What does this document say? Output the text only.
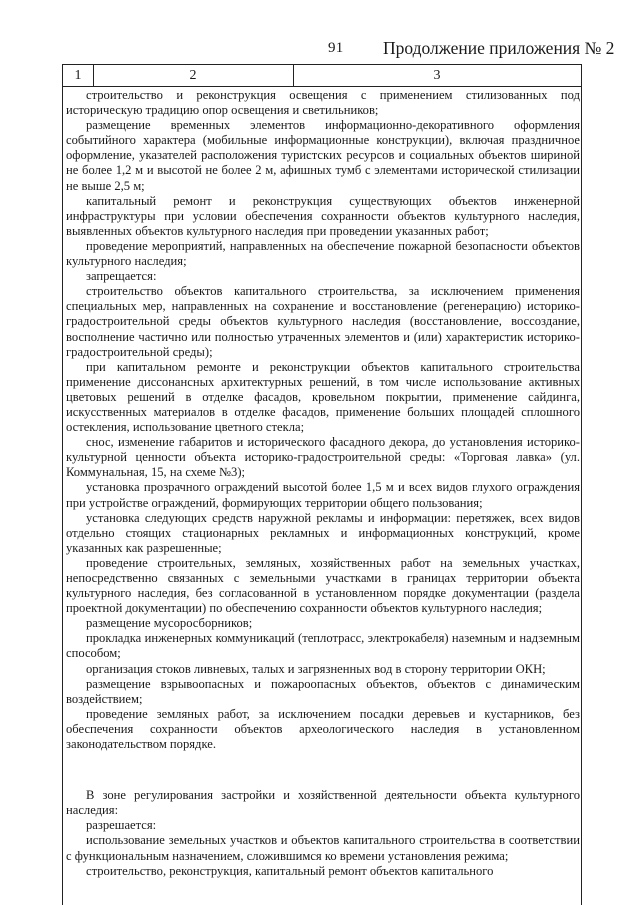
91 Продолжение приложения № 2
1	2	3

строительство и реконструкция освещения с применением стилизованных под историческую традицию опор освещения и светильников;

размещение временных элементов информационно-декоративного оформления событийного характера (мобильные информационные конструкции), включая праздничное оформление, указателей расположения туристских ресурсов и социальных объектов шириной не более 1,2 м и высотой не более 2 м, афишных тумб с элементами исторической стилизации не выше 2,5 м;

капитальный ремонт и реконструкция существующих объектов инженерной инфраструктуры при условии обеспечения сохранности объектов культурного наследия, выявленных объектов культурного наследия при проведении указанных работ;

проведение мероприятий, направленных на обеспечение пожарной безопасности объектов культурного наследия;

запрещается:

строительство объектов капитального строительства, за исключением применения специальных мер, направленных на сохранение и восстановление (регенерацию) историко-градостроительной среды объектов культурного наследия (восстановление, воссоздание, восполнение частично или полностью утраченных элементов и (или) характеристик историко-градостроительной среды);

при капитальном ремонте и реконструкции объектов капитального строительства применение диссонансных архитектурных решений, в том числе использование активных цветовых решений в отделке фасадов, кровельном покрытии, применение сайдинга, искусственных материалов в отделке фасадов, применение больших площадей сплошного остекления, использование цветного стекла;

снос, изменение габаритов и исторического фасадного декора, до установления историко-культурной ценности объекта историко-градостроительной среды: «Торговая лавка» (ул. Коммунальная, 15, на схеме №3);

установка прозрачного ограждений высотой более 1,5 м и всех видов глухого ограждения при устройстве ограждений, формирующих территории общего пользования;

установка следующих средств наружной рекламы и информации: перетяжек, всех видов отдельно стоящих стационарных рекламных и информационных конструкций, кроме указанных как разрешенные;

проведение строительных, земляных, хозяйственных работ на земельных участках, непосредственно связанных с земельными участками в границах территории объекта культурного наследия, без согласованной в установленном порядке документации (раздела проектной документации) по обеспечению сохранности объектов культурного наследия;

размещение мусоросборников;

прокладка инженерных коммуникаций (теплотрасс, электрокабеля) наземным и надземным способом;

организация стоков ливневых, талых и загрязненных вод в сторону территории ОКН;

размещение взрывоопасных и пожароопасных объектов, объектов с динамическим воздействием;

проведение земляных работ, за исключением посадки деревьев и кустарников, без обеспечения сохранности объектов археологического наследия в установленном законодательством порядке.

В зоне регулирования застройки и хозяйственной деятельности объекта культурного наследия:

разрешается:

использование земельных участков и объектов капитального строительства в соответствии с функциональным назначением, сложившимся ко времени установления режима;

строительство, реконструкция, капитальный ремонт объектов капитального
